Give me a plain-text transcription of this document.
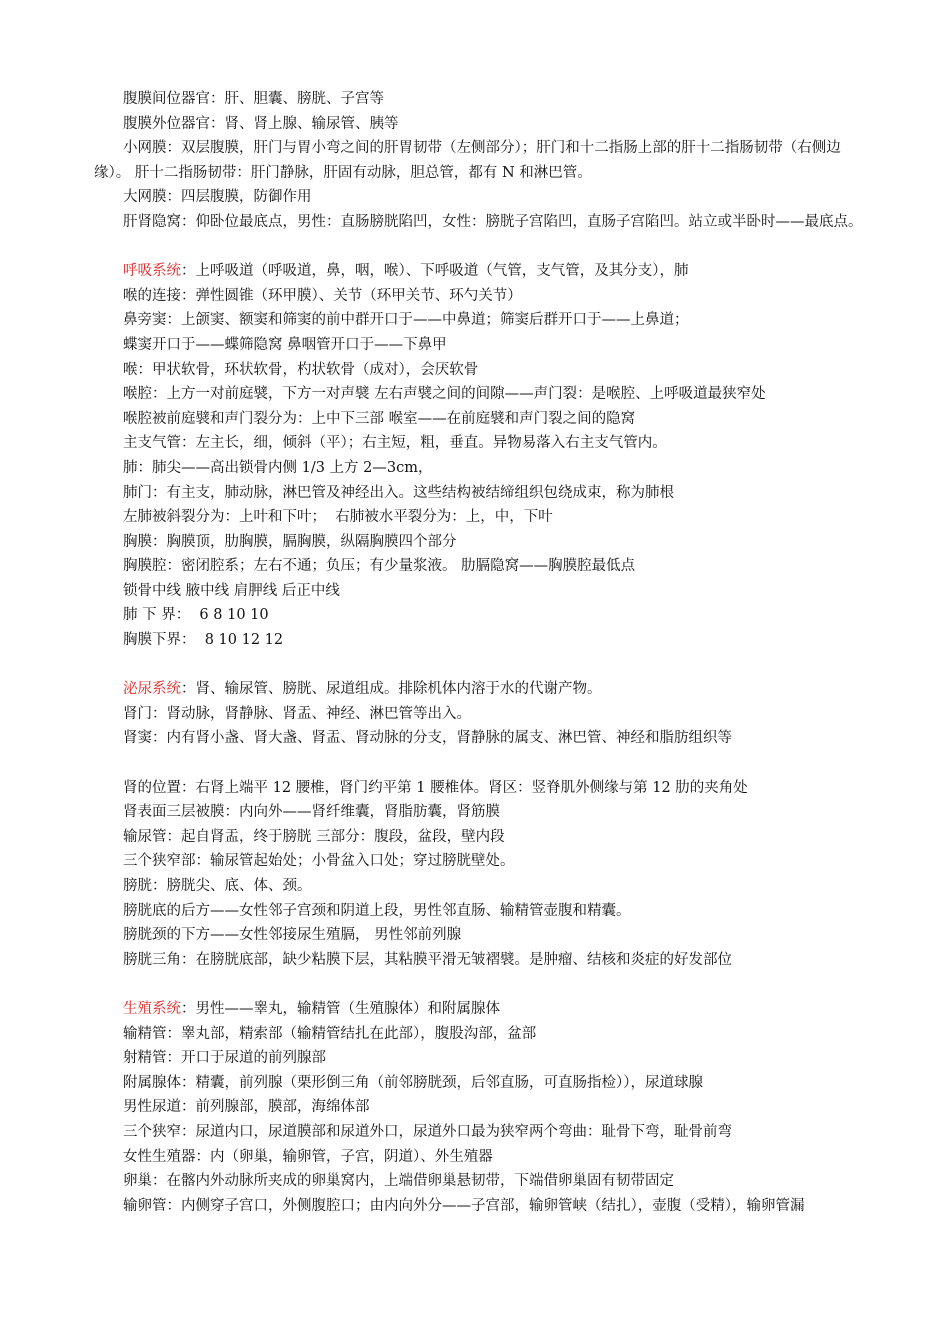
腹膜间位器官：肝、胆囊、膀胱、子宫等
腹膜外位器官：肾、肾上腺、输尿管、胰等
小网膜：双层腹膜，肝门与胃小弯之间的肝胃韧带（左侧部分）；肝门和十二指肠上部的肝十二指肠韧带（右侧边缘）。 肝十二指肠韧带：肝门静脉，肝固有动脉，胆总管，都有 N 和淋巴管。
大网膜：四层腹膜，防御作用
肝肾隐窝：仰卧位最底点，男性：直肠膀胱陷凹，女性：膀胱子宫陷凹，直肠子宫陷凹。站立或半卧时——最底点。
呼吸系统：上呼吸道（呼吸道，鼻，咽，喉）、下呼吸道（气管，支气管，及其分支），肺
喉的连接：弹性圆锥（环甲膜）、关节（环甲关节、环勺关节）
鼻旁窦：上颌窦、额窦和筛窦的前中群开口于——中鼻道；筛窦后群开口于——上鼻道；
蝶窦开口于——蝶筛隐窝 鼻咽管开口于——下鼻甲
喉：甲状软骨，环状软骨，杓状软骨（成对），会厌软骨
喉腔：上方一对前庭襞，下方一对声襞 左右声襞之间的间隙——声门裂：是喉腔、上呼吸道最狭窄处
喉腔被前庭襞和声门裂分为：上中下三部 喉室——在前庭襞和声门裂之间的隐窝
主支气管：左主长，细，倾斜（平）；右主短，粗，垂直。异物易落入右主支气管内。
肺：肺尖——高出锁骨内侧 1/3 上方 2—3cm，
肺门：有主支，肺动脉，淋巴管及神经出入。这些结构被结缔组织包绕成束，称为肺根
左肺被斜裂分为：上叶和下叶；  右肺被水平裂分为：上，中，下叶
胸膜：胸膜顶，肋胸膜，膈胸膜，纵隔胸膜四个部分
胸膜腔：密闭腔系；左右不通；负压；有少量浆液。 肋膈隐窝——胸膜腔最低点
锁骨中线 腋中线 肩胛线 后正中线
肺 下 界：  6 8 10 10
胸膜下界：  8 10 12 12
泌尿系统：肾、输尿管、膀胱、尿道组成。排除机体内溶于水的代谢产物。
肾门：肾动脉，肾静脉、肾盂、神经、淋巴管等出入。
肾窦：内有肾小盏、肾大盏、肾盂、肾动脉的分支，肾静脉的属支、淋巴管、神经和脂肪组织等
肾的位置：右肾上端平 12 腰椎，肾门约平第 1 腰椎体。肾区：竖脊肌外侧缘与第 12 肋的夹角处
肾表面三层被膜：内向外——肾纤维囊，肾脂肪囊，肾筋膜
输尿管：起自肾盂，终于膀胱 三部分：腹段，盆段，壁内段
三个狭窄部：输尿管起始处；小骨盆入口处；穿过膀胱壁处。
膀胱：膀胱尖、底、体、颈。
膀胱底的后方——女性邻子宫颈和阴道上段，男性邻直肠、输精管壶腹和精囊。
膀胱颈的下方——女性邻接尿生殖膈， 男性邻前列腺
膀胱三角：在膀胱底部，缺少粘膜下层，其粘膜平滑无皱褶襞。是肿瘤、结核和炎症的好发部位
生殖系统：男性——睾丸，输精管（生殖腺体）和附属腺体
输精管：睾丸部，精索部（输精管结扎在此部），腹股沟部，盆部
射精管：开口于尿道的前列腺部
附属腺体：精囊，前列腺（栗形倒三角（前邻膀胱颈，后邻直肠，可直肠指检）），尿道球腺
男性尿道：前列腺部，膜部，海绵体部
三个狭窄：尿道内口，尿道膜部和尿道外口，尿道外口最为狭窄两个弯曲：耻骨下弯，耻骨前弯
女性生殖器：内（卵巢，输卵管，子宫，阴道）、外生殖器
卵巢：在髂内外动脉所夹成的卵巢窝内，上端借卵巢悬韧带，下端借卵巢固有韧带固定
输卵管：内侧穿子宫口，外侧腹腔口；由内向外分——子宫部，输卵管峡（结扎），壶腹（受精），输卵管漏
